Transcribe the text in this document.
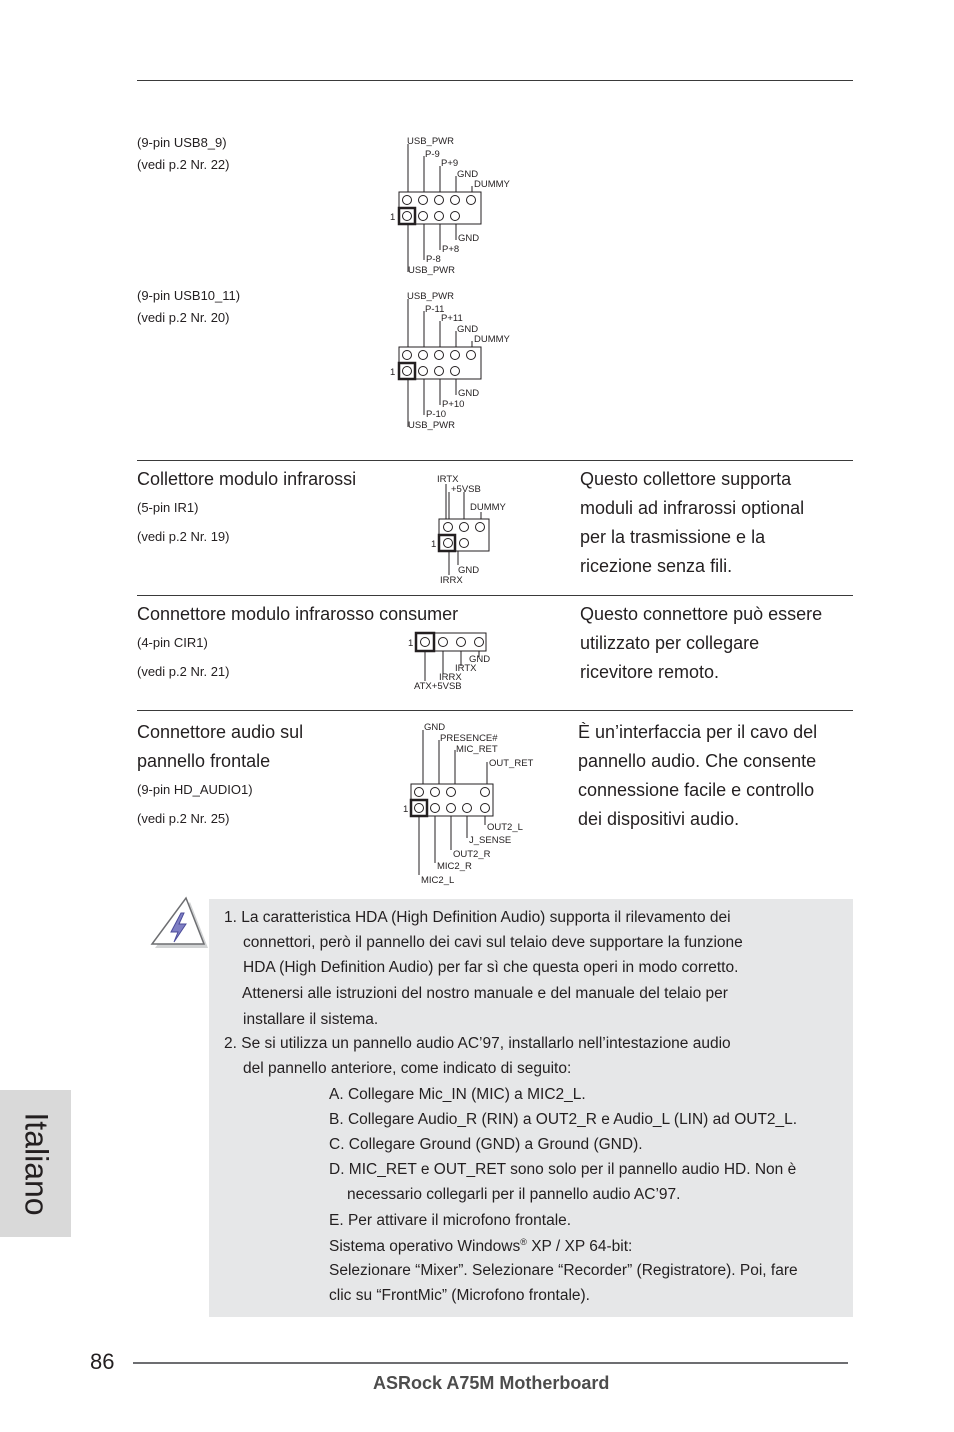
(9-pin USB8_9)
(vedi p.2 Nr. 22)
USB_PWR
P-9
P+9
GND
DUMMY
1
GND
P+8
P-8
USB_PWR
(9-pin USB10_11)
(vedi p.2 Nr. 20)
USB_PWR
P-11
P+11
GND
DUMMY
1
GND
P+10
P-10
USB_PWR
Collettore modulo infrarossi
(5-pin IR1)
(vedi p.2 Nr. 19)
IRTX
+5VSB
DUMMY
1
GND
IRRX
Questo collettore supporta
moduli ad infrarossi optional
per la trasmissione e la
ricezione senza fili.
Connettore modulo infrarosso consumer
(4-pin CIR1)
(vedi p.2 Nr. 21)
1
GND
IRTX
IRRX
ATX+5VSB
Questo connettore può essere
utilizzato per collegare
ricevitore remoto.
Connettore audio sul
pannello frontale
(9-pin HD_AUDIO1)
(vedi p.2 Nr. 25)
GND
PRESENCE#
MIC_RET
OUT_RET
1
OUT2_L
J_SENSE
OUT2_R
MIC2_R
MIC2_L
È un’interfaccia per il cavo del
pannello audio. Che consente
connessione facile e controllo
dei dispositivi audio.
1. La caratteristica HDA (High Definition Audio) supporta il rilevamento dei
connettori, però il pannello dei cavi sul telaio deve supportare la funzione
HDA (High Definition Audio) per far sì che questa operi in modo corretto.
Attenersi alle istruzioni del nostro manuale e del manuale del telaio per
installare il sistema.
2. Se si utilizza un pannello audio AC’97, installarlo nell’intestazione audio
del pannello anteriore, come indicato di seguito:
A. Collegare Mic_IN (MIC) a MIC2_L.
B. Collegare Audio_R (RIN) a OUT2_R e Audio_L (LIN) ad OUT2_L.
C. Collegare Ground (GND) a Ground (GND).
D. MIC_RET e OUT_RET sono solo per il pannello audio HD. Non è
necessario collegarli per il pannello audio AC’97.
E. Per attivare il microfono frontale.
Sistema operativo Windows® XP / XP 64-bit:
Selezionare “Mixer”. Selezionare “Recorder” (Registratore). Poi, fare
clic su “FrontMic” (Microfono frontale).
Italiano
86
ASRock A75M Motherboard
